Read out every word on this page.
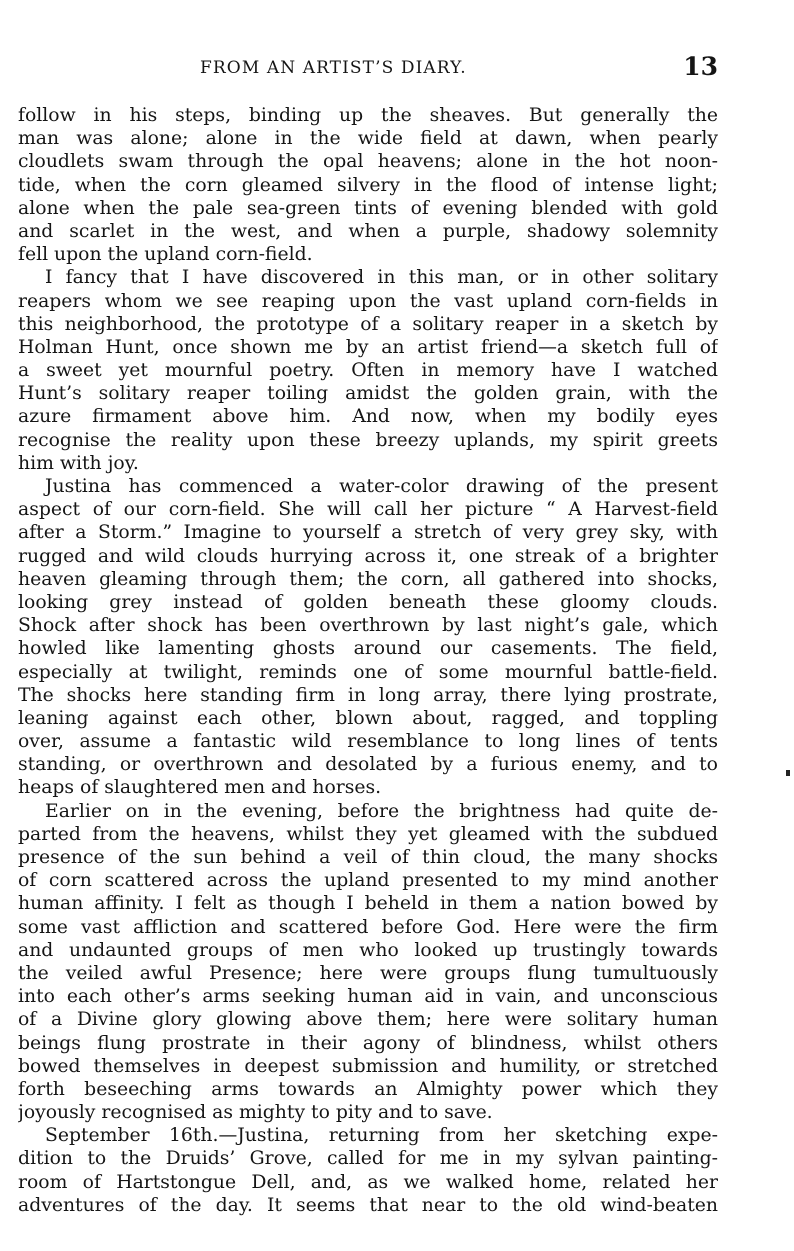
FROM AN ARTIST’S DIARY.	13
follow in his steps, binding up the sheaves. But generally the
man was alone; alone in the wide field at dawn, when pearly
cloudlets swam through the opal heavens; alone in the hot noon-
tide, when the corn gleamed silvery in the flood of intense light;
alone when the pale sea-green tints of evening blended with gold
and scarlet in the west, and when a purple, shadowy solemnity
fell upon the upland corn-field.
I fancy that I have discovered in this man, or in other solitary
reapers whom we see reaping upon the vast upland corn-fields in
this neighborhood, the prototype of a solitary reaper in a sketch by
Holman Hunt, once shown me by an artist friend—a sketch full of
a sweet yet mournful poetry. Often in memory have I watched
Hunt’s solitary reaper toiling amidst the golden grain, with the
azure firmament above him. And now, when my bodily eyes
recognise the reality upon these breezy uplands, my spirit greets
him with joy.
Justina has commenced a water-color drawing of the present
aspect of our corn-field. She will call her picture “ A Harvest-field
after a Storm.” Imagine to yourself a stretch of very grey sky, with
rugged and wild clouds hurrying across it, one streak of a brighter
heaven gleaming through them; the corn, all gathered into shocks,
looking grey instead of golden beneath these gloomy clouds.
Shock after shock has been overthrown by last night’s gale, which
howled like lamenting ghosts around our casements. The field,
especially at twilight, reminds one of some mournful battle-field.
The shocks here standing firm in long array, there lying prostrate,
leaning against each other, blown about, ragged, and toppling
over, assume a fantastic wild resemblance to long lines of tents
standing, or overthrown and desolated by a furious enemy, and to
heaps of slaughtered men and horses.
Earlier on in the evening, before the brightness had quite de-
parted from the heavens, whilst they yet gleamed with the subdued
presence of the sun behind a veil of thin cloud, the many shocks
of corn scattered across the upland presented to my mind another
human affinity. I felt as though I beheld in them a nation bowed by
some vast affliction and scattered before God. Here were the firm
and undaunted groups of men who looked up trustingly towards
the veiled awful Presence; here were groups flung tumultuously
into each other’s arms seeking human aid in vain, and unconscious
of a Divine glory glowing above them; here were solitary human
beings flung prostrate in their agony of blindness, whilst others
bowed themselves in deepest submission and humility, or stretched
forth beseeching arms towards an Almighty power which they
joyously recognised as mighty to pity and to save.
September 16th.—Justina, returning from her sketching expe-
dition to the Druids’ Grove, called for me in my sylvan painting-
room of Hartstongue Dell, and, as we walked home, related her
adventures of the day. It seems that near to the old wind-beaten
